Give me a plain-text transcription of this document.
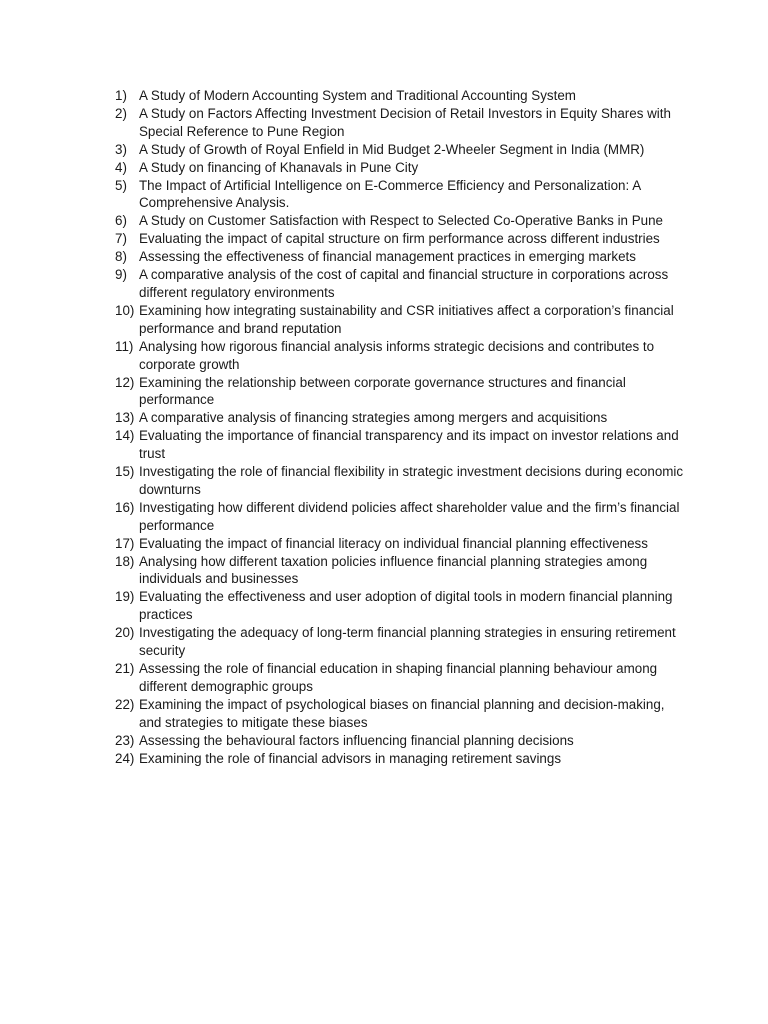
1) A Study of Modern Accounting System and Traditional Accounting System
2) A Study on Factors Affecting Investment Decision of Retail Investors in Equity Shares with Special Reference to Pune Region
3) A Study of Growth of Royal Enfield in Mid Budget 2-Wheeler Segment in India (MMR)
4) A Study on financing of Khanavals in Pune City
5) The Impact of Artificial Intelligence on E-Commerce Efficiency and Personalization: A Comprehensive Analysis.
6) A Study on Customer Satisfaction with Respect to Selected Co-Operative Banks in Pune
7) Evaluating the impact of capital structure on firm performance across different industries
8) Assessing the effectiveness of financial management practices in emerging markets
9) A comparative analysis of the cost of capital and financial structure in corporations across different regulatory environments
10) Examining how integrating sustainability and CSR initiatives affect a corporation’s financial performance and brand reputation
11) Analysing how rigorous financial analysis informs strategic decisions and contributes to corporate growth
12) Examining the relationship between corporate governance structures and financial performance
13) A comparative analysis of financing strategies among mergers and acquisitions
14) Evaluating the importance of financial transparency and its impact on investor relations and trust
15) Investigating the role of financial flexibility in strategic investment decisions during economic downturns
16) Investigating how different dividend policies affect shareholder value and the firm’s financial performance
17) Evaluating the impact of financial literacy on individual financial planning effectiveness
18) Analysing how different taxation policies influence financial planning strategies among individuals and businesses
19) Evaluating the effectiveness and user adoption of digital tools in modern financial planning practices
20) Investigating the adequacy of long-term financial planning strategies in ensuring retirement security
21) Assessing the role of financial education in shaping financial planning behaviour among different demographic groups
22) Examining the impact of psychological biases on financial planning and decision-making, and strategies to mitigate these biases
23) Assessing the behavioural factors influencing financial planning decisions
24) Examining the role of financial advisors in managing retirement savings
